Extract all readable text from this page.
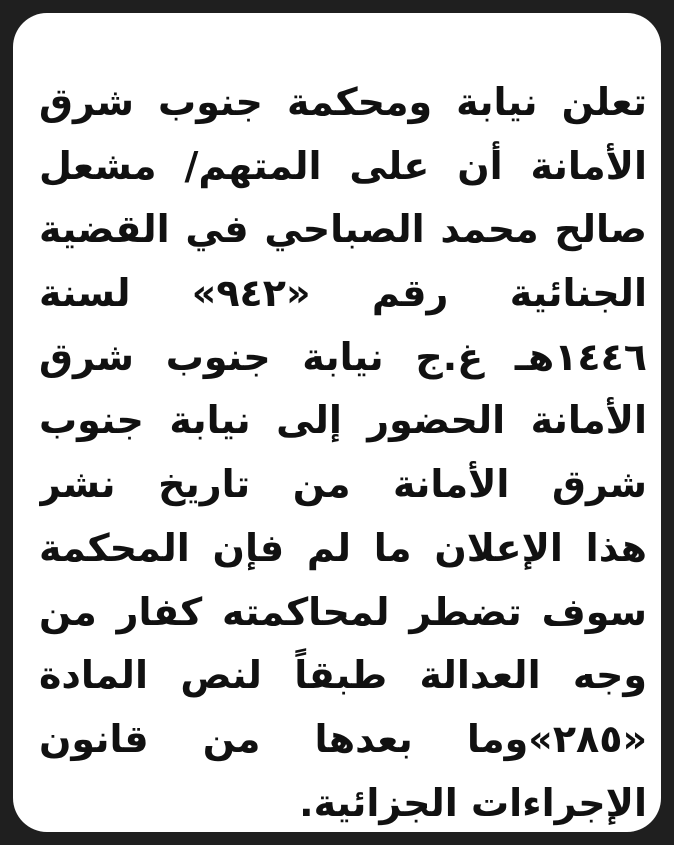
تعلن نيابة ومحكمة جنوب شرق
الأمانة أن على المتهم/ مشعل
صالح محمد الصباحي في القضية
الجنائية رقم «٩٤٢» لسنة
١٤٤٦هـ غ.ج نيابة جنوب شرق
الأمانة الحضور إلى نيابة جنوب
شرق الأمانة من تاريخ نشر
هذا الإعلان ما لم فإن المحكمة
سوف تضطر لمحاكمته كفار من
وجه العدالة طبقاً لنص المادة
«٢٨٥»وما بعدها من قانون
الإجراءات الجزائية.
